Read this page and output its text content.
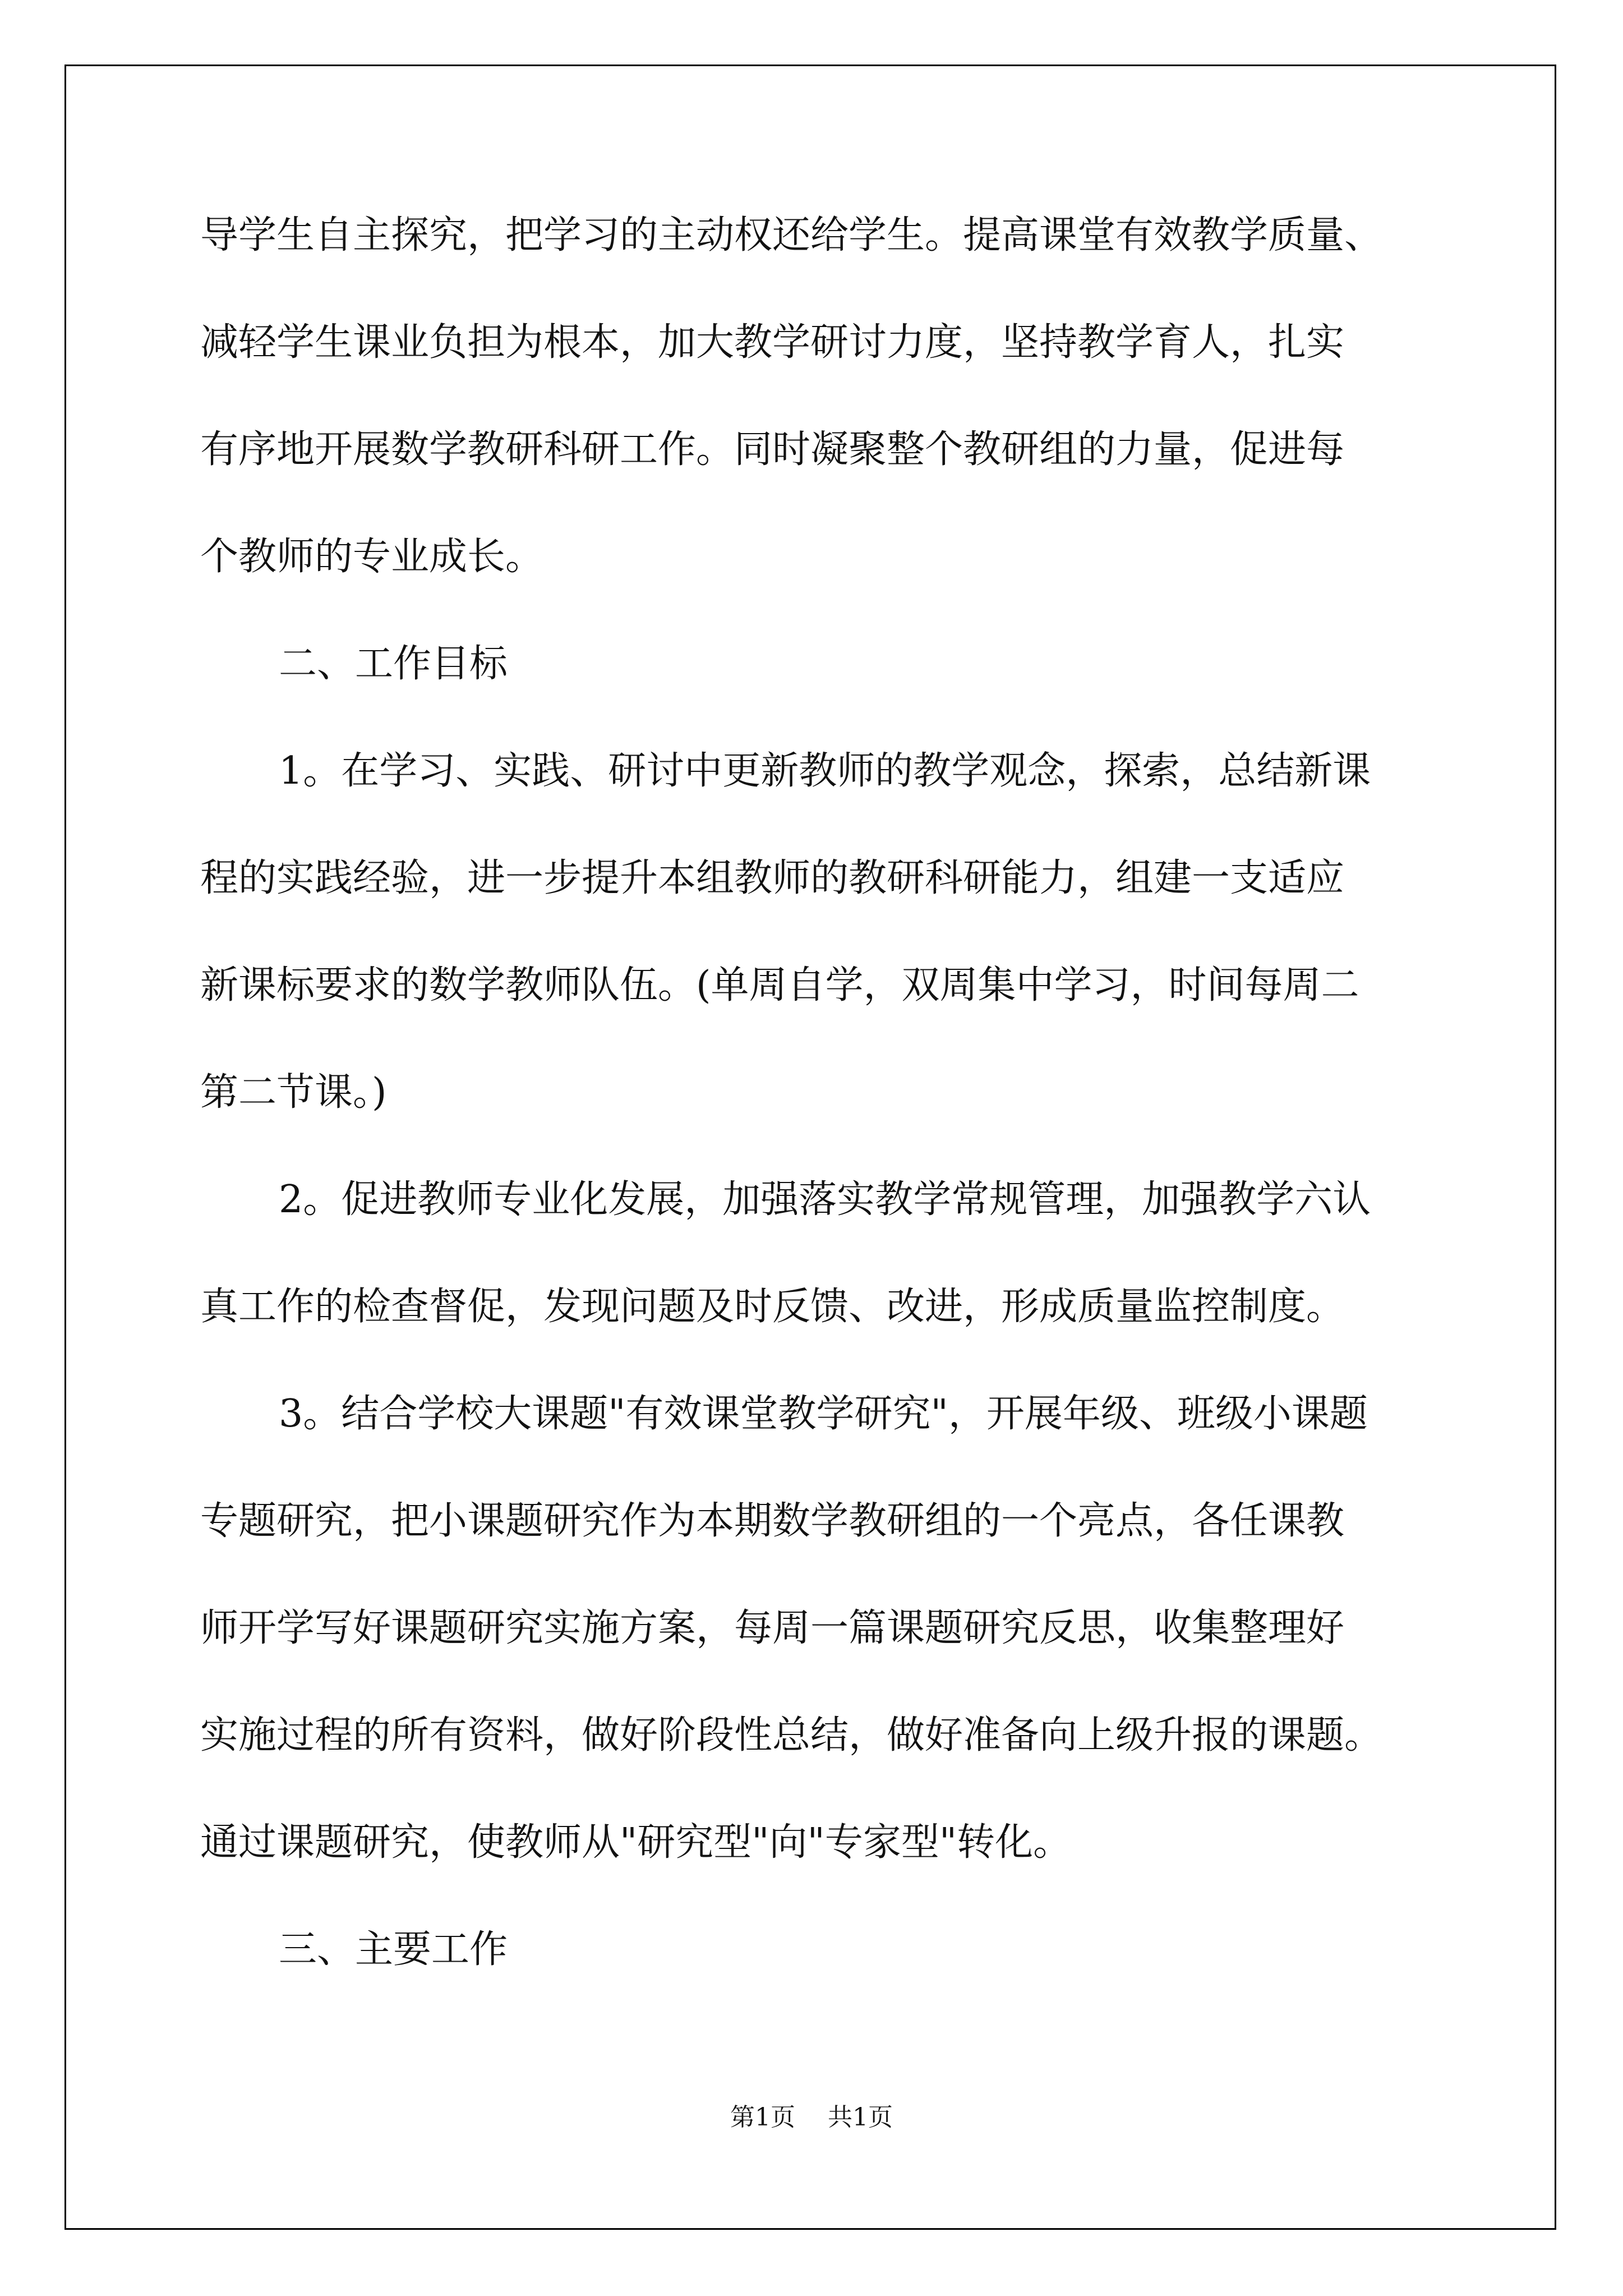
导学生自主探究，把学习的主动权还给学生。提高课堂有效教学质量、
减轻学生课业负担为根本，加大教学研讨力度，坚持教学育人，扎实
有序地开展数学教研科研工作。同时凝聚整个教研组的力量，促进每
个教师的专业成长。
二、工作目标
1。在学习、实践、研讨中更新教师的教学观念，探索，总结新课
程的实践经验，进一步提升本组教师的教研科研能力，组建一支适应
新课标要求的数学教师队伍。(单周自学，双周集中学习，时间每周二
第二节课。)
2。促进教师专业化发展，加强落实教学常规管理，加强教学六认
真工作的检查督促，发现问题及时反馈、改进，形成质量监控制度。
3。结合学校大课题"有效课堂教学研究"，开展年级、班级小课题
专题研究，把小课题研究作为本期数学教研组的一个亮点，各任课教
师开学写好课题研究实施方案，每周一篇课题研究反思，收集整理好
实施过程的所有资料，做好阶段性总结，做好准备向上级升报的课题。
通过课题研究，使教师从"研究型"向"专家型"转化。
三、主要工作
第1页 共1页
